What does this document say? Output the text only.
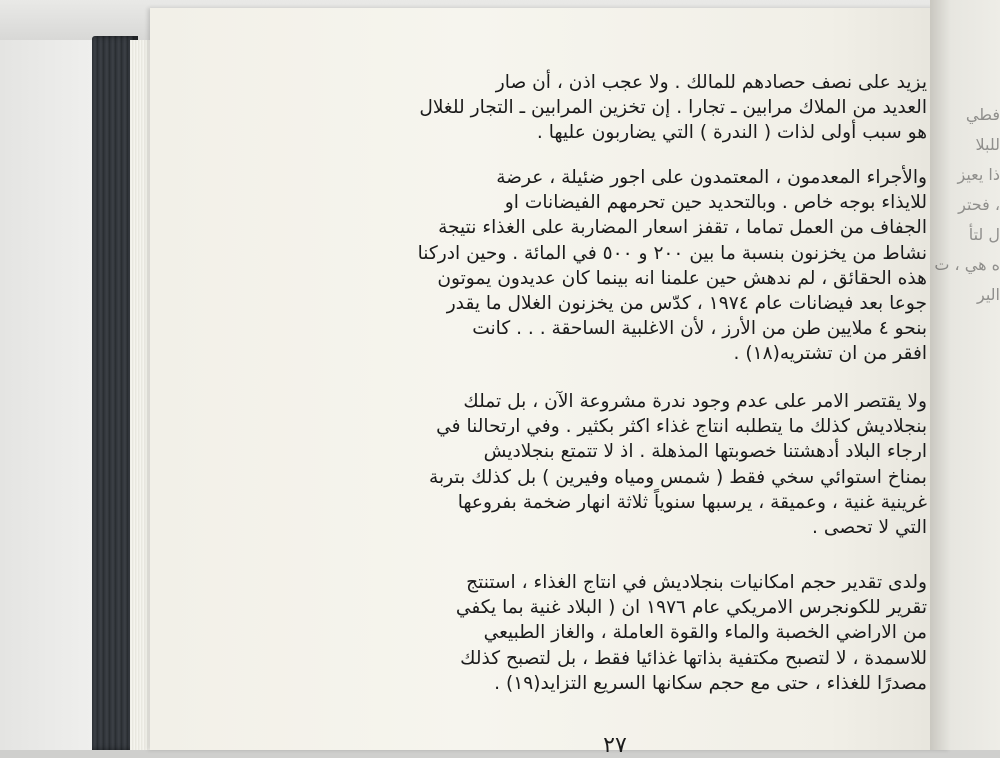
فطي
للبلا
ذا يعيز
، فحتر
ل لتأ
ه هي ، ت
الير
يزيد على نصف حصادهم للمالك . ولا عجب اذن ، أن صار
العديد من الملاك مرابين ـ تجارا . إن تخزين المرابين ـ التجار للغلال
هو سبب أولى لذات ( الندرة ) التي يضاربون عليها .
والأجراء المعدمون ، المعتمدون على اجور ضئيلة ، عرضة
للايذاء بوجه خاص . وبالتحديد حين تحرمهم الفيضانات او
الجفاف من العمل تماما ، تقفز اسعار المضاربة على الغذاء نتيجة
نشاط من يخزنون بنسبة ما بين ٢٠٠ و ٥٠٠ في المائة . وحين ادركنا
هذه الحقائق ، لم ندهش حين علمنا انه بينما كان عديدون يموتون
جوعا بعد فيضانات عام ١٩٧٤ ، كدّس من يخزنون الغلال ما يقدر
بنحو ٤ ملايين طن من الأرز ، لأن الاغلبية الساحقة . . . كانت
افقر من ان تشتريه(١٨) .
ولا يقتصر الامر على عدم وجود ندرة مشروعة الآن ، بل تملك
بنجلاديش كذلك ما يتطلبه انتاج غذاء اكثر بكثير . وفي ارتحالنا في
ارجاء البلاد أدهشتنا خصوبتها المذهلة . اذ لا تتمتع بنجلاديش
بمناخ استوائي سخي فقط ( شمس ومياه وفيرين ) بل كذلك بتربة
غرينية غنية ، وعميقة ، يرسبها سنوياً ثلاثة انهار ضخمة بفروعها
التي لا تحصى .
ولدى تقدير حجم امكانيات بنجلاديش في انتاج الغذاء ، استنتج
تقرير للكونجرس الامريكي عام ١٩٧٦ ان ( البلاد غنية بما يكفي
من الاراضي الخصبة والماء والقوة العاملة ، والغاز الطبيعي
للاسمدة ، لا لتصبح مكتفية بذاتها غذائيا فقط ، بل لتصبح كذلك
مصدرًا للغذاء ، حتى مع حجم سكانها السريع التزايد(١٩) .
٢٧
